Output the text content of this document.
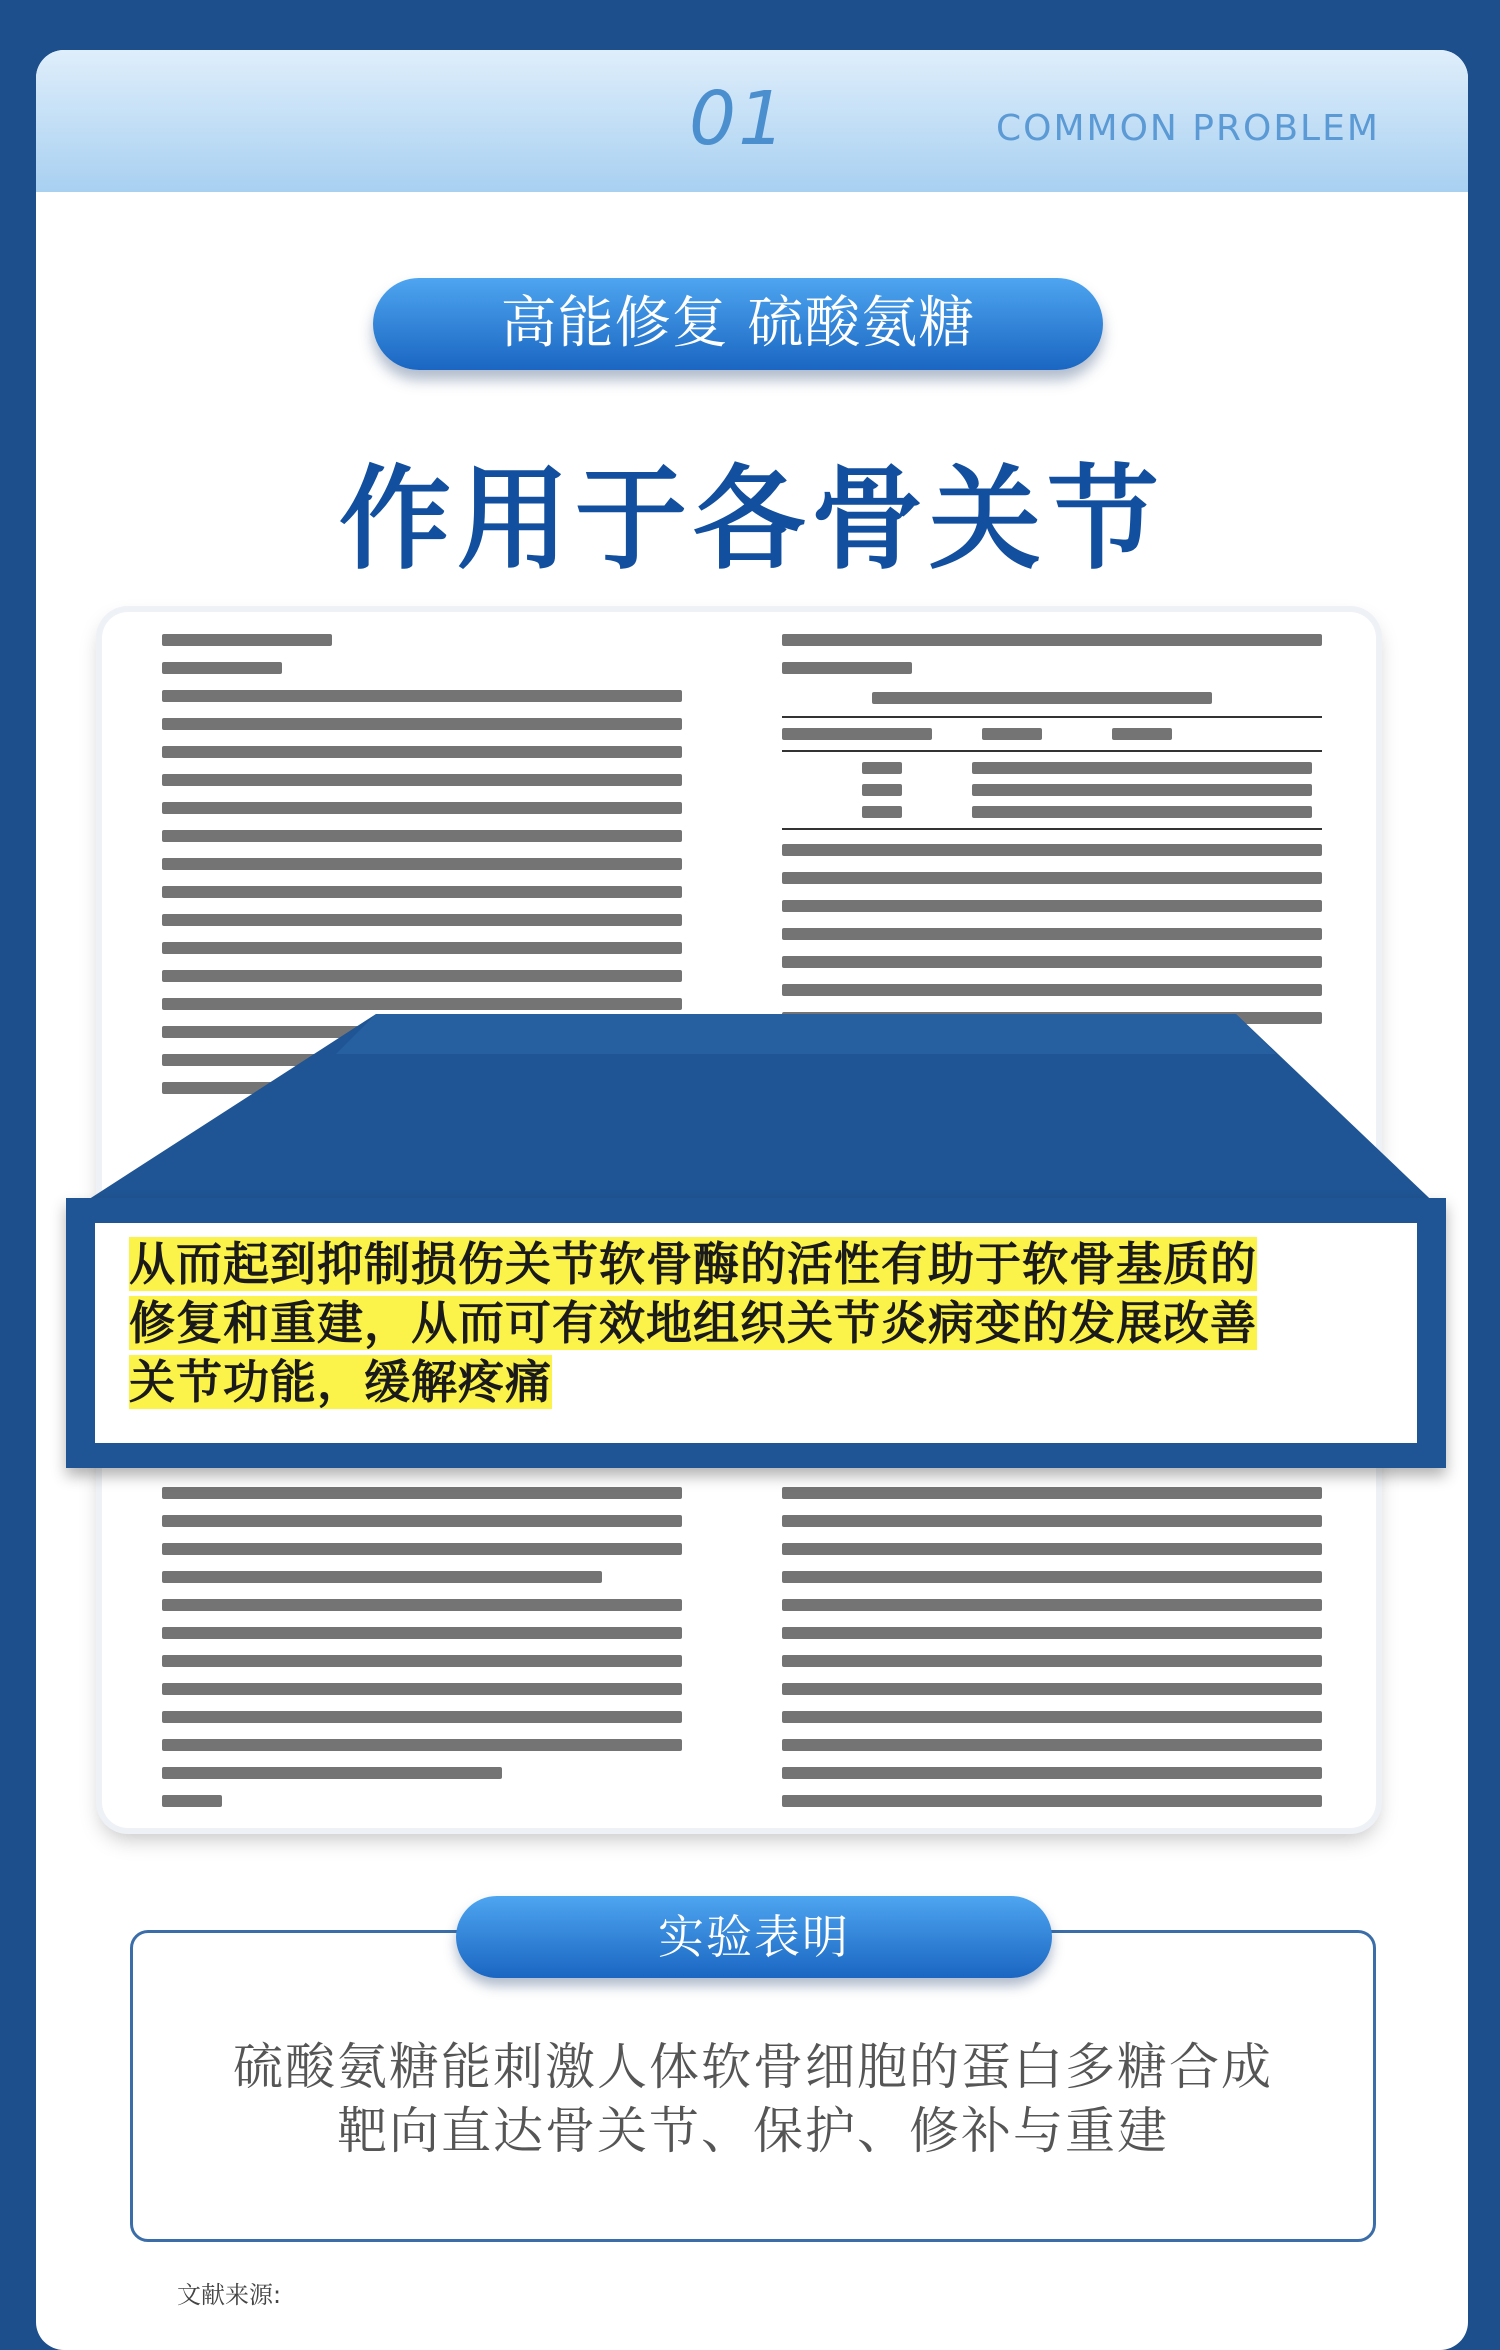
01	COMMON PROBLEM
高能修复 硫酸氨糖
作用于各骨关节
从而起到抑制损伤关节软骨酶的活性有助于软骨基质的
修复和重建，从而可有效地组织关节炎病变的发展改善
关节功能，缓解疼痛
硫酸氨糖能刺激人体软骨细胞的蛋白多糖合成
靶向直达骨关节、保护、修补与重建
实验表明
文献来源:
